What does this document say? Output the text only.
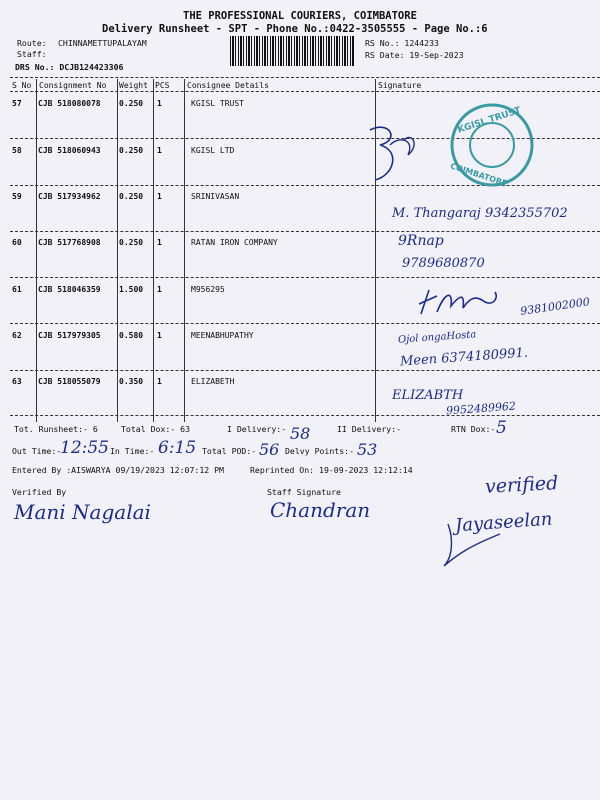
THE PROFESSIONAL COURIERS, COIMBATORE
Delivery Runsheet - SPT - Phone No.:0422-3505555 - Page No.:6
Route: CHINNAMETTUPALAYAM
Staff:
DRS No.: DCJB124423306
RS No.: 1244233
RS Date: 19-Sep-2023
S No Consignment No Weight PCS Consignee Details	Signature
57 CJB 518080078 0.250 1	KGISL TRUST
58 CJB 518060943 0.250 1	KGISL LTD
59 CJB 517934962 0.250 1	SRINIVASAN
60 CJB 517768908 0.250 1	RATAN IRON COMPANY
61 CJB 518046359 1.500 1	M956295
62 CJB 517979305 0.580 1	MEENABHUPATHY
63 CJB 518055079 0.350 1	ELIZABETH
KGISL TRUST
COIMBATORE
M. Thangaraj 9342355702
9Rnap
9789680870
9381002000
Ojol ongaHosta
Meen 6374180991.
ELIZABTH
9952489962
Tot. Runsheet:- 6	Total Dox:- 63	I Delivery:- 58	II Delivery:-	RTN Dox:- 5
Out Time:-
12:55 In Time:- 6:15 Total POD:- 56 Delvy Points:- 53
Entered By :AISWARYA 09/19/2023 12:07:12 PM	Reprinted On: 19-09-2023 12:12:14
Verified By	Staff Signature
Mani Nagalai	Chandran
verified
Jayaseelan
